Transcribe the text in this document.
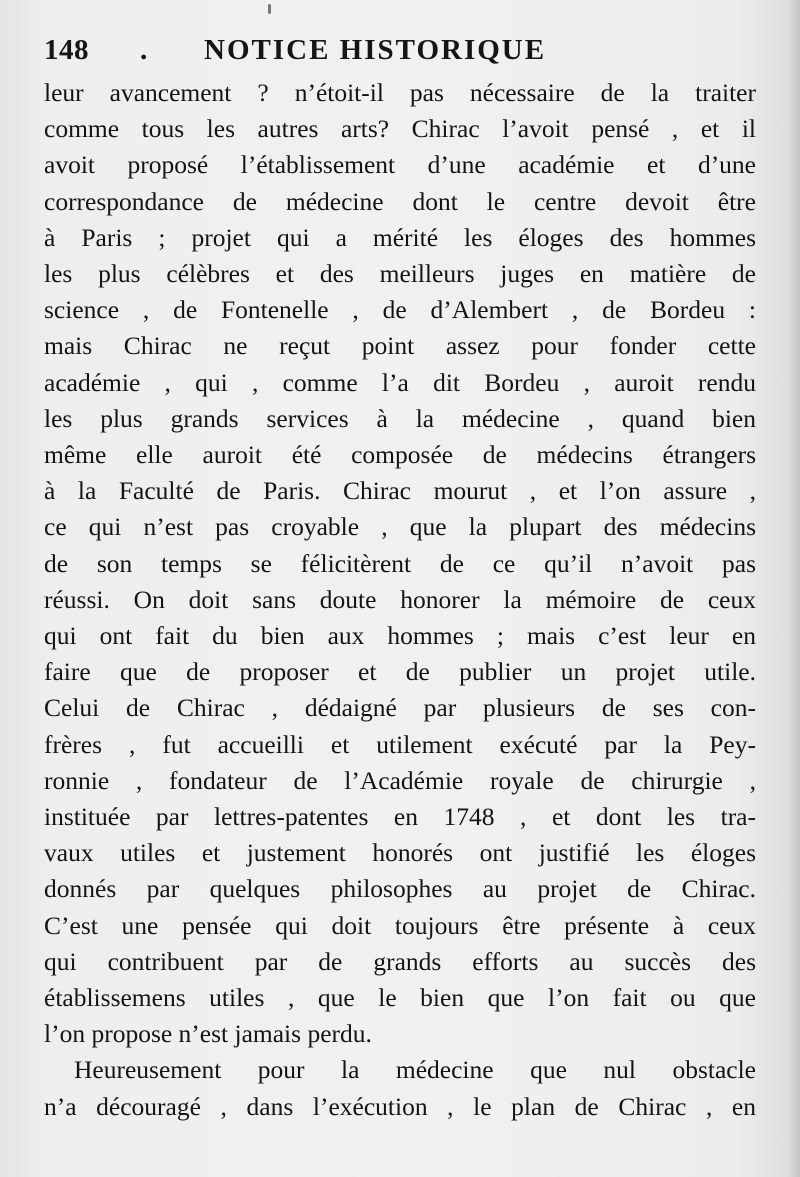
148 . NOTICE HISTORIQUE
leur avancement ? n’étoit-il pas nécessaire de la traiter
comme tous les autres arts? Chirac l’avoit pensé , et il
avoit proposé l’établissement d’une académie et d’une
correspondance de médecine dont le centre devoit être
à Paris ; projet qui a mérité les éloges des hommes
les plus célèbres et des meilleurs juges en matière de
science , de Fontenelle , de d’Alembert , de Bordeu :
mais Chirac ne reçut point assez pour fonder cette
académie , qui , comme l’a dit Bordeu , auroit rendu
les plus grands services à la médecine , quand bien
même elle auroit été composée de médecins étrangers
à la Faculté de Paris. Chirac mourut , et l’on assure ,
ce qui n’est pas croyable , que la plupart des médecins
de son temps se félicitèrent de ce qu’il n’avoit pas
réussi. On doit sans doute honorer la mémoire de ceux
qui ont fait du bien aux hommes ; mais c’est leur en
faire que de proposer et de publier un projet utile.
Celui de Chirac , dédaigné par plusieurs de ses con-
frères , fut accueilli et utilement exécuté par la Pey-
ronnie , fondateur de l’Académie royale de chirurgie ,
instituée par lettres-patentes en 1748 , et dont les tra-
vaux utiles et justement honorés ont justifié les éloges
donnés par quelques philosophes au projet de Chirac.
C’est une pensée qui doit toujours être présente à ceux
qui contribuent par de grands efforts au succès des
établissemens utiles , que le bien que l’on fait ou que
l’on propose n’est jamais perdu.
Heureusement pour la médecine que nul obstacle
n’a découragé , dans l’exécution , le plan de Chirac , en
